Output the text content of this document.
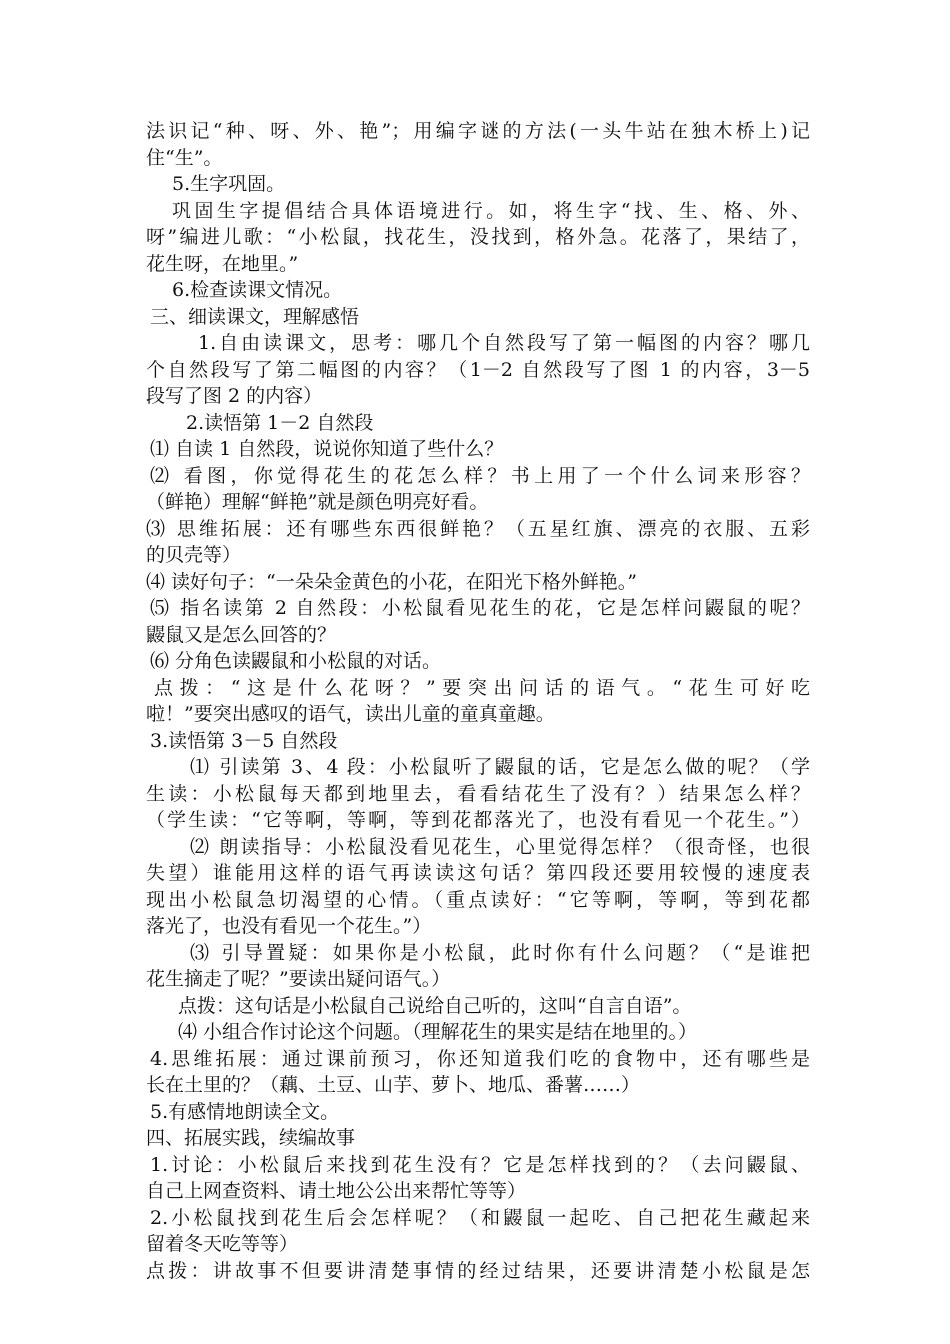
法识记“种、呀、外、艳”；用编字谜的方法(一头牛站在独木桥上)记
住“生”。
5.生字巩固。
巩固生字提倡结合具体语境进行。如，将生字“找、生、格、外、
呀”编进儿歌：“小松鼠，找花生，没找到，格外急。花落了，果结了，
花生呀，在地里。”
6.检查读课文情况。
三、细读课文，理解感悟
1.自由读课文，思考：哪几个自然段写了第一幅图的内容？哪几
个自然段写了第二幅图的内容？（1－2 自然段写了图 1 的内容，3－5
段写了图 2 的内容）
2.读悟第 1－2 自然段
⑴ 自读 1 自然段，说说你知道了些什么？
⑵ 看图，你觉得花生的花怎么样？书上用了一个什么词来形容？
（鲜艳）理解“鲜艳”就是颜色明亮好看。
⑶ 思维拓展：还有哪些东西很鲜艳？（五星红旗、漂亮的衣服、五彩
的贝壳等）
⑷ 读好句子：“一朵朵金黄色的小花，在阳光下格外鲜艳。”
⑸ 指名读第 2 自然段：小松鼠看见花生的花，它是怎样问鼹鼠的呢？
鼹鼠又是怎么回答的？
⑹ 分角色读鼹鼠和小松鼠的对话。
点拨：“这是什么花呀？”要突出问话的语气。“花生可好吃
啦！”要突出感叹的语气，读出儿童的童真童趣。
3.读悟第 3－5 自然段
⑴ 引读第 3、4 段：小松鼠听了鼹鼠的话，它是怎么做的呢？（学
生读：小松鼠每天都到地里去，看看结花生了没有？）结果怎么样？
（学生读：“它等啊，等啊，等到花都落光了，也没有看见一个花生。”）
⑵ 朗读指导：小松鼠没看见花生，心里觉得怎样？（很奇怪，也很
失望）谁能用这样的语气再读读这句话？第四段还要用较慢的速度表
现出小松鼠急切渴望的心情。（重点读好：“它等啊，等啊，等到花都
落光了，也没有看见一个花生。”）
⑶ 引导置疑：如果你是小松鼠，此时你有什么问题？（“是谁把
花生摘走了呢？”要读出疑问语气。）
点拨：这句话是小松鼠自己说给自己听的，这叫“自言自语”。
⑷ 小组合作讨论这个问题。（理解花生的果实是结在地里的。）
4.思维拓展：通过课前预习，你还知道我们吃的食物中，还有哪些是
长在土里的？（藕、土豆、山芋、萝卜、地瓜、番薯……）
5.有感情地朗读全文。
四、拓展实践，续编故事
1.讨论：小松鼠后来找到花生没有？它是怎样找到的？（去问鼹鼠、
自己上网查资料、请土地公公出来帮忙等等）
2.小松鼠找到花生后会怎样呢？（和鼹鼠一起吃、自己把花生藏起来
留着冬天吃等等）
点拨：讲故事不但要讲清楚事情的经过结果，还要讲清楚小松鼠是怎
